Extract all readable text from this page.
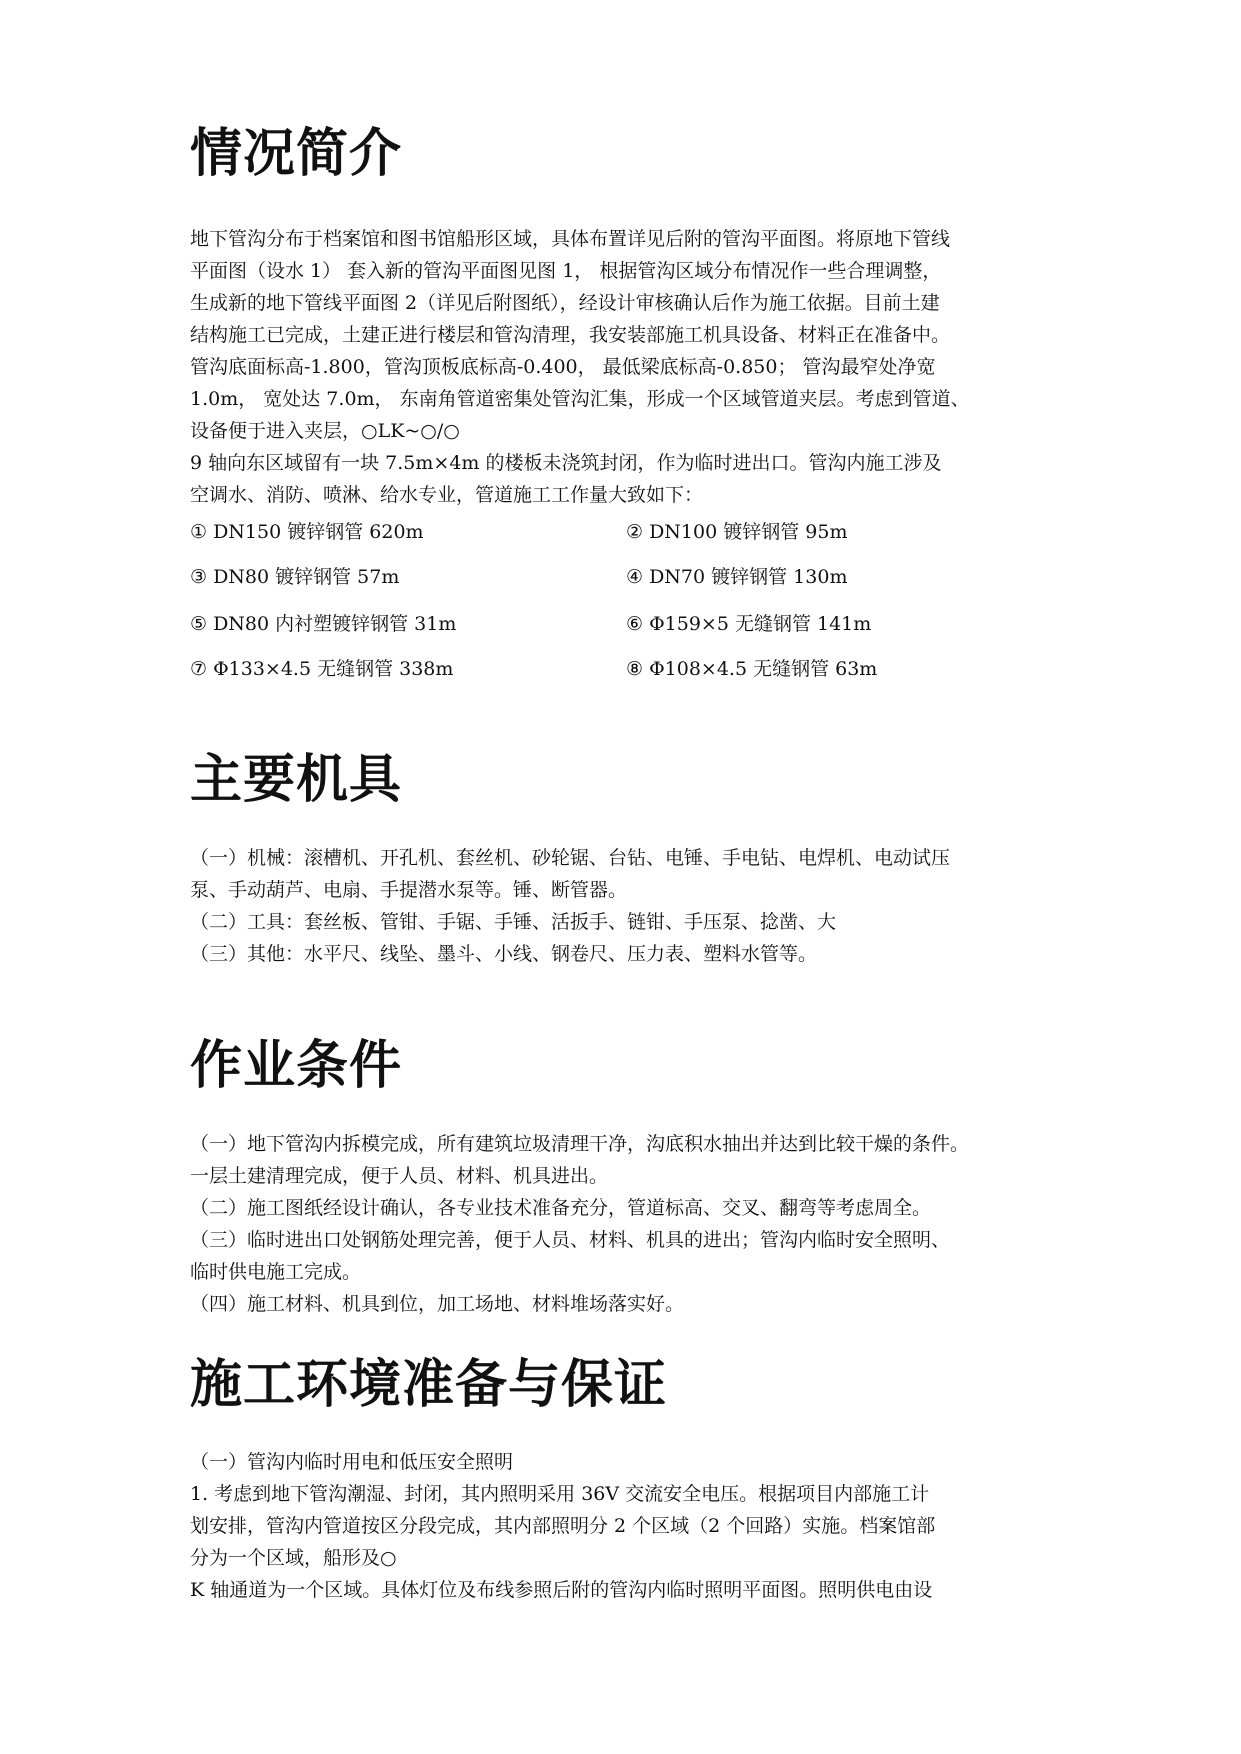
情况简介
地下管沟分布于档案馆和图书馆船形区域，具体布置详见后附的管沟平面图。将原地下管线
平面图（设水 1） 套入新的管沟平面图见图 1， 根据管沟区域分布情况作一些合理调整，
生成新的地下管线平面图 2（详见后附图纸），经设计审核确认后作为施工依据。目前土建
结构施工已完成，土建正进行楼层和管沟清理，我安装部施工机具设备、材料正在准备中。
管沟底面标高-1.800，管沟顶板底标高-0.400， 最低梁底标高-0.850； 管沟最窄处净宽
1.0m， 宽处达 7.0m， 东南角管道密集处管沟汇集，形成一个区域管道夹层。考虑到管道、
设备便于进入夹层，○LK~○/○
9 轴向东区域留有一块 7.5m×4m 的楼板未浇筑封闭，作为临时进出口。管沟内施工涉及
空调水、消防、喷淋、给水专业，管道施工工作量大致如下：
① DN150 镀锌钢管 620m	② DN100 镀锌钢管 95m
③ DN80 镀锌钢管 57m	④ DN70 镀锌钢管 130m
⑤ DN80 内衬塑镀锌钢管 31m	⑥ Φ159×5 无缝钢管 141m
⑦ Φ133×4.5 无缝钢管 338m	⑧ Φ108×4.5 无缝钢管 63m
主要机具
（一）机械：滚槽机、开孔机、套丝机、砂轮锯、台钻、电锤、手电钻、电焊机、电动试压
泵、手动葫芦、电扇、手提潜水泵等。锤、断管器。
（二）工具：套丝板、管钳、手锯、手锤、活扳手、链钳、手压泵、捻凿、大
（三）其他：水平尺、线坠、墨斗、小线、钢卷尺、压力表、塑料水管等。
作业条件
（一）地下管沟内拆模完成，所有建筑垃圾清理干净，沟底积水抽出并达到比较干燥的条件。
一层土建清理完成，便于人员、材料、机具进出。
（二）施工图纸经设计确认，各专业技术准备充分，管道标高、交叉、翻弯等考虑周全。
（三）临时进出口处钢筋处理完善，便于人员、材料、机具的进出；管沟内临时安全照明、
临时供电施工完成。
（四）施工材料、机具到位，加工场地、材料堆场落实好。
施工环境准备与保证
（一）管沟内临时用电和低压安全照明
1. 考虑到地下管沟潮湿、封闭，其内照明采用 36V 交流安全电压。根据项目内部施工计
划安排，管沟内管道按区分段完成，其内部照明分 2 个区域（2 个回路）实施。档案馆部
分为一个区域，船形及○
K 轴通道为一个区域。具体灯位及布线参照后附的管沟内临时照明平面图。照明供电由设
